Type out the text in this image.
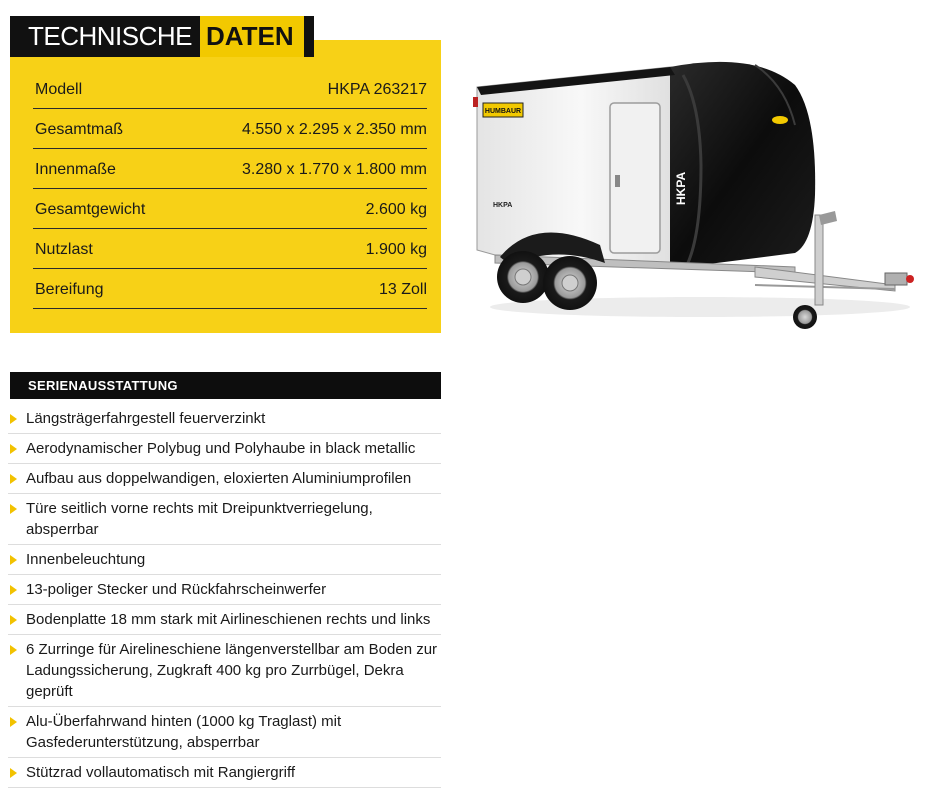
Modell	HKPA 263217
Gesamtmaß	4.550 x 2.295 x 2.350 mm
Innenmaße	3.280 x 1.770 x 1.800 mm
Gesamtgewicht	2.600 kg
Nutzlast	1.900 kg
Bereifung	13 Zoll
TECHNISCHE DATEN
HUMBAUR
HKPA
HKPA
SERIENAUSSTATTUNG
Längsträgerfahrgestell feuerverzinkt
Aerodynamischer Polybug und Polyhaube in black metallic
Aufbau aus doppelwandigen, eloxierten Aluminiumprofilen
Türe seitlich vorne rechts mit Dreipunktverriegelung, absperrbar
Innenbeleuchtung
13-poliger Stecker und Rückfahrscheinwerfer
Bodenplatte 18 mm stark mit Airlineschienen rechts und links
6 Zurringe für Airelineschiene längenverstellbar am Boden zur Ladungssicherung, Zugkraft 400 kg pro Zurrbügel, Dekra geprüft
Alu-Überfahrwand hinten (1000 kg Traglast) mit Gasfederunterstützung, absperrbar
Stützrad vollautomatisch mit Rangiergriff
